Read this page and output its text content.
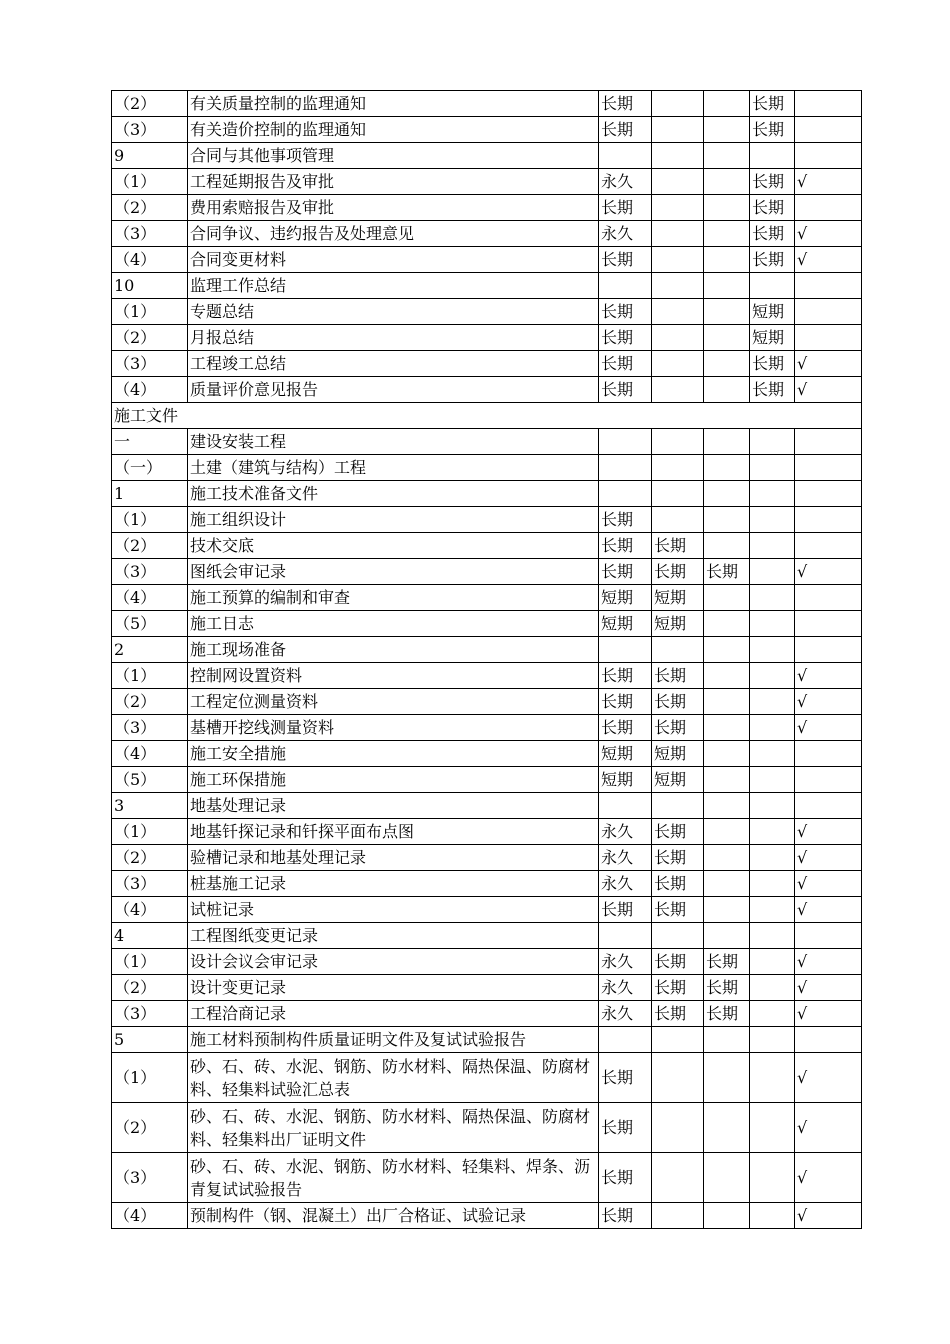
（2）	有关质量控制的监理通知	长期			长期	
（3）	有关造价控制的监理通知	长期			长期	
9	合同与其他事项管理					
（1）	工程延期报告及审批	永久			长期	√
（2）	费用索赔报告及审批	长期			长期	
（3）	合同争议、违约报告及处理意见	永久			长期	√
（4）	合同变更材料	长期			长期	√
10	监理工作总结					
（1）	专题总结	长期			短期	
（2）	月报总结	长期			短期	
（3）	工程竣工总结	长期			长期	√
（4）	质量评价意见报告	长期			长期	√
施工文件						
一	建设安装工程					
（一）	土建（建筑与结构）工程					
1	施工技术准备文件					
（1）	施工组织设计	长期				
（2）	技术交底	长期	长期			
（3）	图纸会审记录	长期	长期	长期		√
（4）	施工预算的编制和审查	短期	短期			
（5）	施工日志	短期	短期			
2	施工现场准备					
（1）	控制网设置资料	长期	长期			√
（2）	工程定位测量资料	长期	长期			√
（3）	基槽开挖线测量资料	长期	长期			√
（4）	施工安全措施	短期	短期			
（5）	施工环保措施	短期	短期			
3	地基处理记录					
（1）	地基钎探记录和钎探平面布点图	永久	长期			√
（2）	验槽记录和地基处理记录	永久	长期			√
（3）	桩基施工记录	永久	长期			√
（4）	试桩记录	长期	长期			√
4	工程图纸变更记录					
（1）	设计会议会审记录	永久	长期	长期		√
（2）	设计变更记录	永久	长期	长期		√
（3）	工程洽商记录	永久	长期	长期		√
5	施工材料预制构件质量证明文件及复试试验报告					
（1）	砂、石、砖、水泥、钢筋、防水材料、隔热保温、防腐材料、轻集料试验汇总表	长期				√
（2）	砂、石、砖、水泥、钢筋、防水材料、隔热保温、防腐材料、轻集料出厂证明文件	长期				√
（3）	砂、石、砖、水泥、钢筋、防水材料、轻集料、焊条、沥青复试试验报告	长期				√
（4）	预制构件（钢、混凝土）出厂合格证、试验记录	长期				√
